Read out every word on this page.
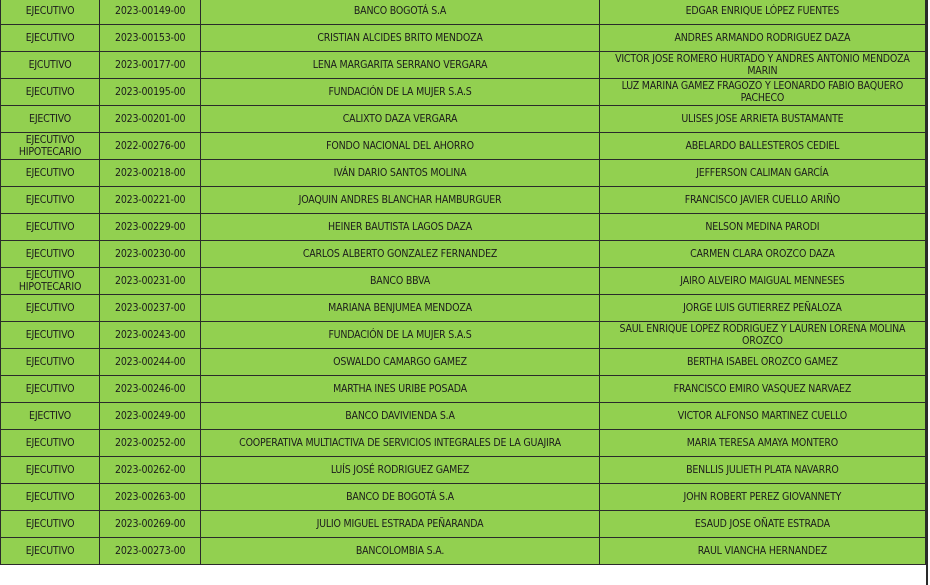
EJECUTIVO	2023-00149-00	BANCO BOGOTÁ S.A	EDGAR ENRIQUE LÓPEZ FUENTES
EJECUTIVO	2023-00153-00	CRISTIAN ALCIDES BRITO MENDOZA	ANDRES ARMANDO RODRIGUEZ DAZA
EJCUTIVO	2023-00177-00	LENA MARGARITA SERRANO VERGARA	VICTOR JOSE ROMERO HURTADO Y ANDRES ANTONIO MENDOZA MARIN
EJECUTIVO	2023-00195-00	FUNDACIÓN DE LA MUJER S.A.S	LUZ MARINA GAMEZ FRAGOZO Y LEONARDO FABIO BAQUERO PACHECO
EJECTIVO	2023-00201-00	CALIXTO DAZA VERGARA	ULISES JOSE ARRIETA BUSTAMANTE
EJECUTIVO HIPOTECARIO	2022-00276-00	FONDO NACIONAL DEL AHORRO	ABELARDO BALLESTEROS CEDIEL
EJECUTIVO	2023-00218-00	IVÁN DARIO SANTOS MOLINA	JEFFERSON CALIMAN GARCÍA
EJECUTIVO	2023-00221-00	JOAQUIN ANDRES BLANCHAR HAMBURGUER	FRANCISCO JAVIER CUELLO ARIÑO
EJECUTIVO	2023-00229-00	HEINER BAUTISTA LAGOS DAZA	NELSON MEDINA PARODI
EJECUTIVO	2023-00230-00	CARLOS ALBERTO GONZALEZ FERNANDEZ	CARMEN CLARA OROZCO DAZA
EJECUTIVO HIPOTECARIO	2023-00231-00	BANCO BBVA	JAIRO ALVEIRO MAIGUAL MENNESES
EJECUTIVO	2023-00237-00	MARIANA BENJUMEA MENDOZA	JORGE LUIS GUTIERREZ PEÑALOZA
EJECUTIVO	2023-00243-00	FUNDACIÓN DE LA MUJER S.A.S	SAUL ENRIQUE LOPEZ RODRIGUEZ Y LAUREN LORENA MOLINA OROZCO
EJECUTIVO	2023-00244-00	OSWALDO CAMARGO GAMEZ	BERTHA ISABEL OROZCO GAMEZ
EJECUTIVO	2023-00246-00	MARTHA INES URIBE POSADA	FRANCISCO EMIRO VASQUEZ NARVAEZ
EJECTIVO	2023-00249-00	BANCO DAVIVIENDA S.A	VICTOR ALFONSO MARTINEZ CUELLO
EJECUTIVO	2023-00252-00	COOPERATIVA MULTIACTIVA DE SERVICIOS INTEGRALES DE LA GUAJIRA	MARIA TERESA AMAYA MONTERO
EJECUTIVO	2023-00262-00	LUÍS JOSÉ RODRIGUEZ GAMEZ	BENLLIS JULIETH PLATA NAVARRO
EJECUTIVO	2023-00263-00	BANCO DE BOGOTÁ S.A	JOHN ROBERT PEREZ GIOVANNETY
EJECUTIVO	2023-00269-00	JULIO MIGUEL ESTRADA PEÑARANDA	ESAUD JOSE OÑATE ESTRADA
EJECUTIVO	2023-00273-00	BANCOLOMBIA S.A.	RAUL VIANCHA HERNANDEZ
